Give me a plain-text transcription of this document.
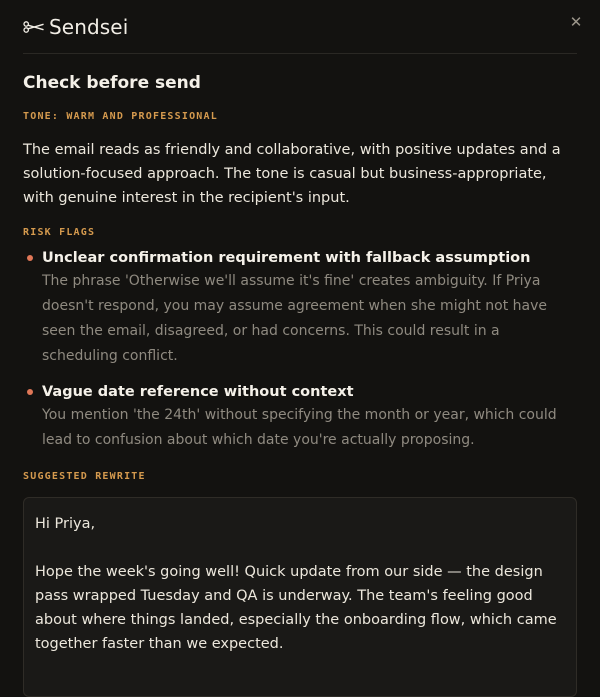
Sendsei	✕
Check before send
TONE: WARM AND PROFESSIONAL

The email reads as friendly and collaborative, with positive updates and a solution-focused approach. The tone is casual but business-appropriate, with genuine interest in the recipient's input.

RISK FLAGS
Unclear confirmation requirement with fallback assumption
The phrase 'Otherwise we'll assume it's fine' creates ambiguity. If Priya doesn't respond, you may assume agreement when she might not have seen the email, disagreed, or had concerns. This could result in a scheduling conflict.
Vague date reference without context
You mention 'the 24th' without specifying the month or year, which could lead to confusion about which date you're actually proposing.
SUGGESTED REWRITE

Hi Priya,

Hope the week's going well! Quick update from our side — the design pass wrapped Tuesday and QA is underway. The team's feeling good about where things landed, especially the onboarding flow, which came together faster than we expected.
